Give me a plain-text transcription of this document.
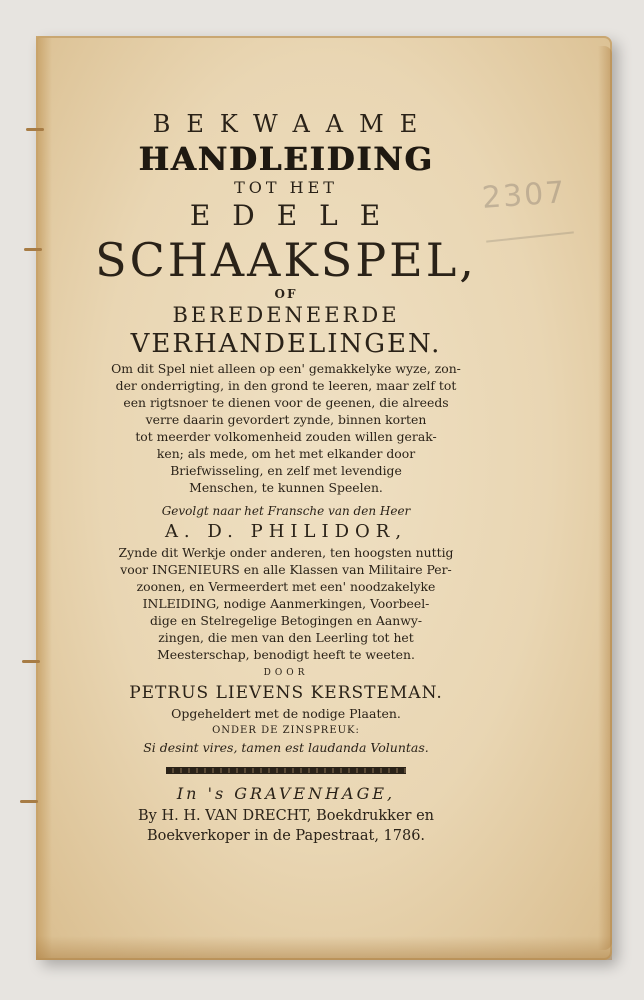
2307
BEKWAAME
HANDLEIDING
TOT HET
EDELE
SCHAAKSPEL,
OF
BEREDENEERDE
VERHANDELINGEN.
Om dit Spel niet alleen op een' gemakkelyke wyze, zon-
der onderrigting, in den grond te leeren, maar zelf tot
een rigtsnoer te dienen voor de geenen, die alreeds
verre daarin gevordert zynde, binnen korten
tot meerder volkomenheid zouden willen gerak-
ken; als mede, om het met elkander door
Briefwisseling, en zelf met levendige
Menschen, te kunnen Speelen.
Gevolgt naar het Fransche van den Heer
A. D. PHILIDOR,
Zynde dit Werkje onder anderen, ten hoogsten nuttig
voor INGENIEURS en alle Klassen van Militaire Per-
zoonen, en Vermeerdert met een' noodzakelyke
INLEIDING, nodige Aanmerkingen, Voorbeel-
dige en Stelregelige Betogingen en Aanwy-
zingen, die men van den Leerling tot het
Meesterschap, benodigt heeft te weeten.
DOOR
PETRUS LIEVENS KERSTEMAN.
Opgeheldert met de nodige Plaaten.
ONDER DE ZINSPREUK:
Si desint vires, tamen est laudanda Voluntas.
In 's GRAVENHAGE,
By H. H. VAN DRECHT, Boekdrukker en
Boekverkoper in de Papestraat, 1786.
